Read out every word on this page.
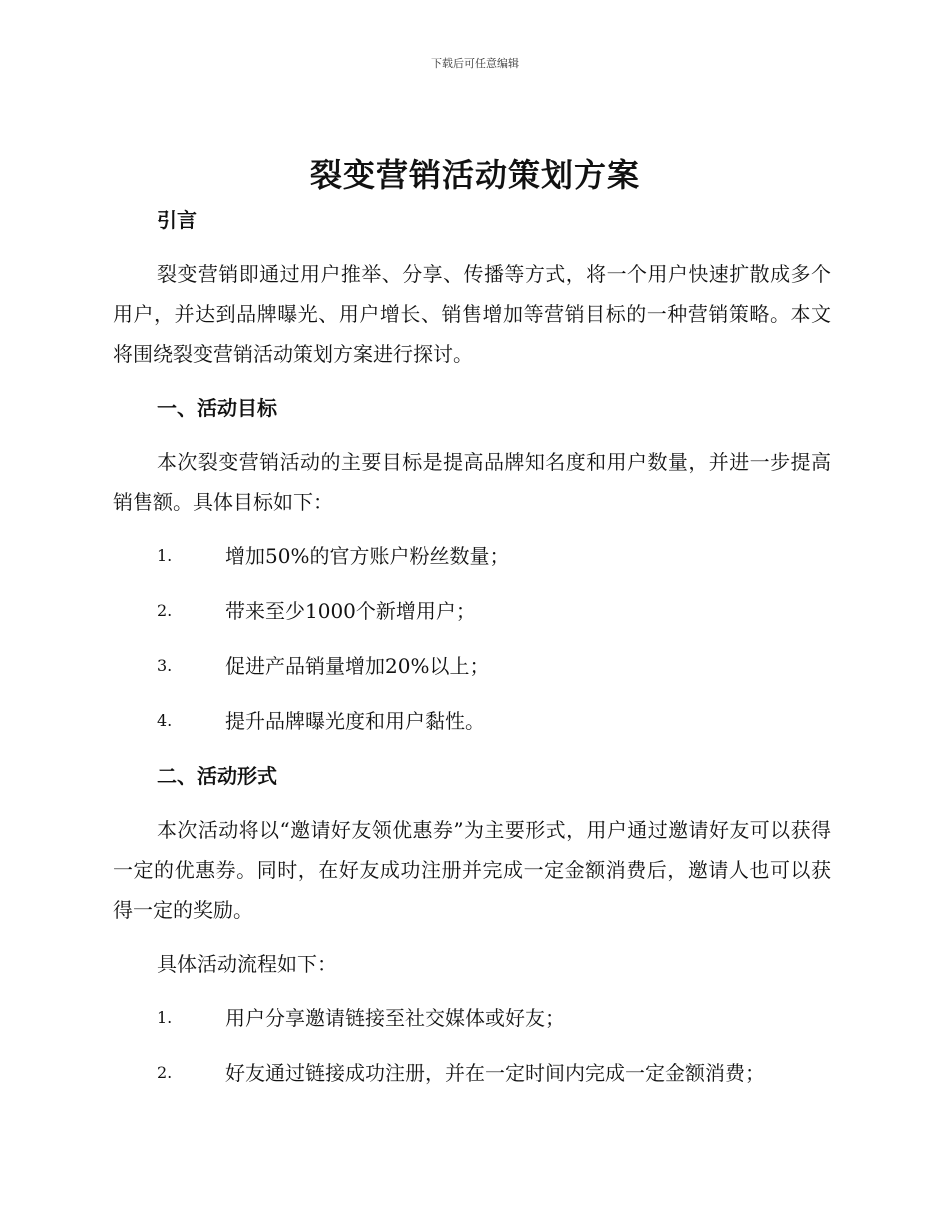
下载后可任意编辑
裂变营销活动策划方案
引言

裂变营销即通过用户推举、分享、传播等方式，将一个用户快速扩散成多个用户，并达到品牌曝光、用户增长、销售增加等营销目标的一种营销策略。本文将围绕裂变营销活动策划方案进行探讨。

一、活动目标

本次裂变营销活动的主要目标是提高品牌知名度和用户数量，并进一步提高销售额。具体目标如下：

1.	增加50%的官方账户粉丝数量；
2.	带来至少1000个新增用户；
3.	促进产品销量增加20%以上；
4.	提升品牌曝光度和用户黏性。
二、活动形式

本次活动将以“邀请好友领优惠券”为主要形式，用户通过邀请好友可以获得一定的优惠券。同时，在好友成功注册并完成一定金额消费后，邀请人也可以获得一定的奖励。

具体活动流程如下：

1.	用户分享邀请链接至社交媒体或好友；
2.	好友通过链接成功注册，并在一定时间内完成一定金额消费；
